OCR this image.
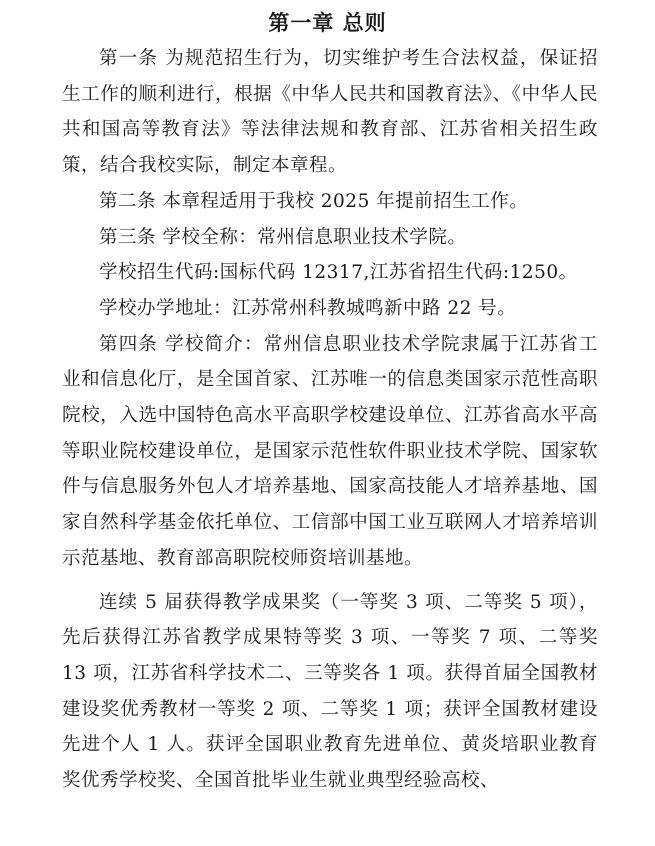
第一章 总则

第一条 为规范招生行为，切实维护考生合法权益，保证招生工作的顺利进行，根据《中华人民共和国教育法》、《中华人民共和国高等教育法》等法律法规和教育部、江苏省相关招生政策，结合我校实际，制定本章程。

第二条 本章程适用于我校 2025 年提前招生工作。

第三条 学校全称：常州信息职业技术学院。

学校招生代码:国标代码 12317,江苏省招生代码:1250。

学校办学地址：江苏常州科教城鸣新中路 22 号。

第四条 学校简介：常州信息职业技术学院隶属于江苏省工业和信息化厅，是全国首家、江苏唯一的信息类国家示范性高职院校，入选中国特色高水平高职学校建设单位、江苏省高水平高等职业院校建设单位，是国家示范性软件职业技术学院、国家软件与信息服务外包人才培养基地、国家高技能人才培养基地、国家自然科学基金依托单位、工信部中国工业互联网人才培养培训示范基地、教育部高职院校师资培训基地。

连续 5 届获得教学成果奖（一等奖 3 项、二等奖 5 项），先后获得江苏省教学成果特等奖 3 项、一等奖 7 项、二等奖 13 项，江苏省科学技术二、三等奖各 1 项。获得首届全国教材建设奖优秀教材一等奖 2 项、二等奖 1 项；获评全国教材建设先进个人 1 人。获评全国职业教育先进单位、黄炎培职业教育奖优秀学校奖、全国首批毕业生就业典型经验高校、
